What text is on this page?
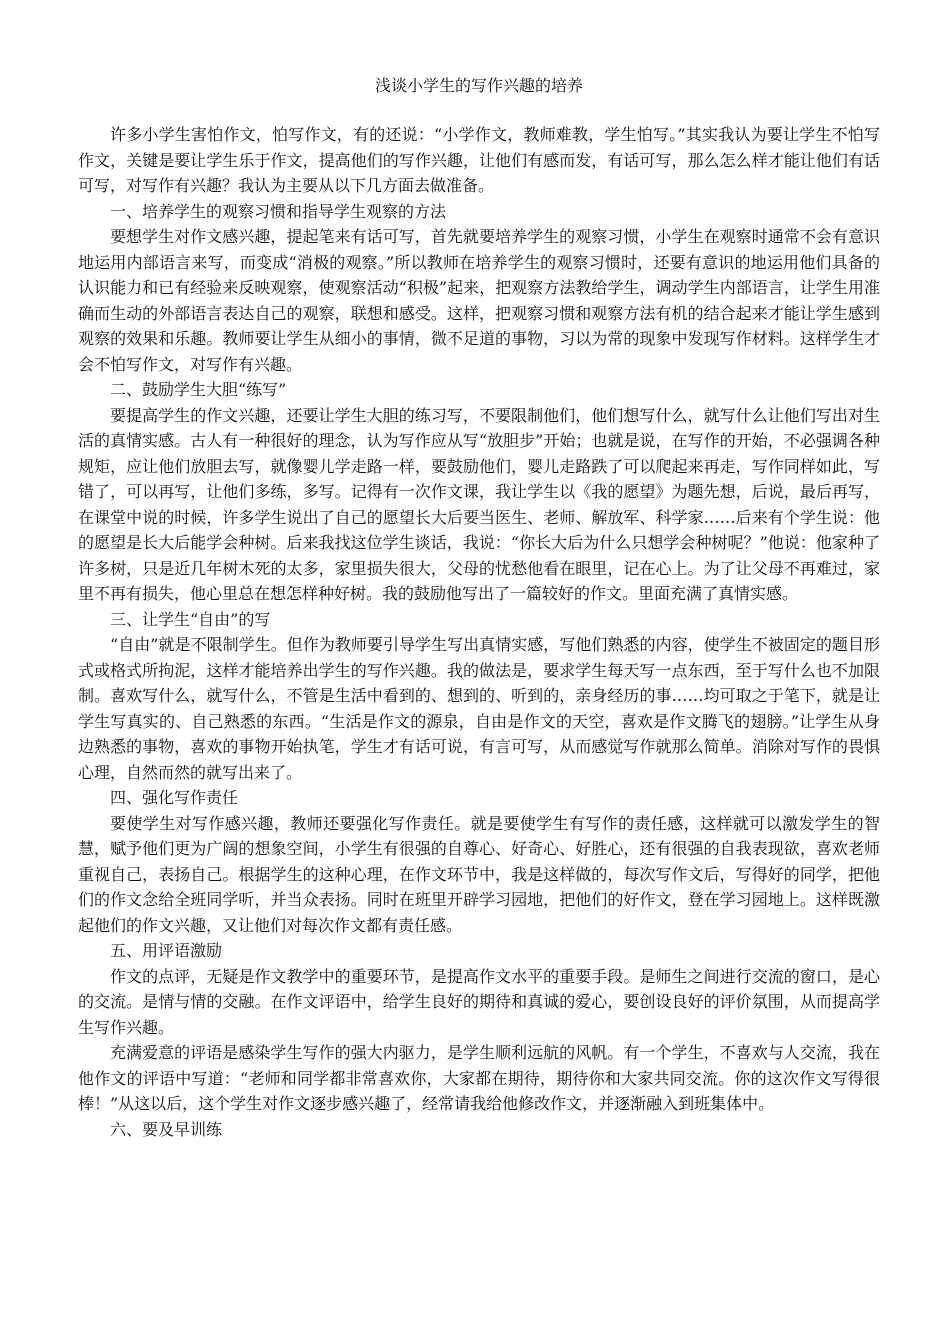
浅谈小学生的写作兴趣的培养

许多小学生害怕作文，怕写作文，有的还说：“小学作文，教师难教，学生怕写。”其实我认为要让学生不怕写作文，关键是要让学生乐于作文，提高他们的写作兴趣，让他们有感而发，有话可写，那么怎么样才能让他们有话可写，对写作有兴趣？我认为主要从以下几方面去做准备。

一、培养学生的观察习惯和指导学生观察的方法

要想学生对作文感兴趣，提起笔来有话可写，首先就要培养学生的观察习惯，小学生在观察时通常不会有意识地运用内部语言来写，而变成“消极的观察。”所以教师在培养学生的观察习惯时，还要有意识的地运用他们具备的认识能力和已有经验来反映观察，使观察活动“积极”起来，把观察方法教给学生，调动学生内部语言，让学生用准确而生动的外部语言表达自己的观察，联想和感受。这样，把观察习惯和观察方法有机的结合起来才能让学生感到观察的效果和乐趣。教师要让学生从细小的事情，微不足道的事物，习以为常的现象中发现写作材料。这样学生才会不怕写作文，对写作有兴趣。

二、鼓励学生大胆“练写”

要提高学生的作文兴趣，还要让学生大胆的练习写，不要限制他们，他们想写什么，就写什么让他们写出对生活的真情实感。古人有一种很好的理念，认为写作应从写“放胆步”开始；也就是说，在写作的开始，不必强调各种规矩，应让他们放胆去写，就像婴儿学走路一样，要鼓励他们，婴儿走路跌了可以爬起来再走，写作同样如此，写错了，可以再写，让他们多练，多写。记得有一次作文课，我让学生以《我的愿望》为题先想，后说，最后再写，在课堂中说的时候，许多学生说出了自己的愿望长大后要当医生、老师、解放军、科学家……后来有个学生说：他的愿望是长大后能学会种树。后来我找这位学生谈话，我说：“你长大后为什么只想学会种树呢？”他说：他家种了许多树，只是近几年树木死的太多，家里损失很大，父母的忧愁他看在眼里，记在心上。为了让父母不再难过，家里不再有损失，他心里总在想怎样种好树。我的鼓励他写出了一篇较好的作文。里面充满了真情实感。

三、让学生“自由”的写

“自由”就是不限制学生。但作为教师要引导学生写出真情实感，写他们熟悉的内容，使学生不被固定的题目形式或格式所拘泥，这样才能培养出学生的写作兴趣。我的做法是，要求学生每天写一点东西，至于写什么也不加限制。喜欢写什么，就写什么，不管是生活中看到的、想到的、听到的，亲身经历的事……均可取之于笔下，就是让学生写真实的、自己熟悉的东西。“生活是作文的源泉，自由是作文的天空，喜欢是作文腾飞的翅膀。”让学生从身边熟悉的事物，喜欢的事物开始执笔，学生才有话可说，有言可写，从而感觉写作就那么简单。消除对写作的畏惧心理，自然而然的就写出来了。

四、强化写作责任

要使学生对写作感兴趣，教师还要强化写作责任。就是要使学生有写作的责任感，这样就可以激发学生的智慧，赋予他们更为广阔的想象空间，小学生有很强的自尊心、好奇心、好胜心，还有很强的自我表现欲，喜欢老师重视自己，表扬自己。根据学生的这种心理，在作文环节中，我是这样做的，每次写作文后，写得好的同学，把他们的作文念给全班同学听，并当众表扬。同时在班里开辟学习园地，把他们的好作文，登在学习园地上。这样既激起他们的作文兴趣，又让他们对每次作文都有责任感。

五、用评语激励

作文的点评，无疑是作文教学中的重要环节，是提高作文水平的重要手段。是师生之间进行交流的窗口，是心的交流。是情与情的交融。在作文评语中，给学生良好的期待和真诚的爱心，要创设良好的评价氛围，从而提高学生写作兴趣。

充满爱意的评语是感染学生写作的强大内驱力，是学生顺利远航的风帆。有一个学生，不喜欢与人交流，我在他作文的评语中写道：“老师和同学都非常喜欢你，大家都在期待，期待你和大家共同交流。你的这次作文写得很棒！”从这以后，这个学生对作文逐步感兴趣了，经常请我给他修改作文，并逐渐融入到班集体中。

六、要及早训练
